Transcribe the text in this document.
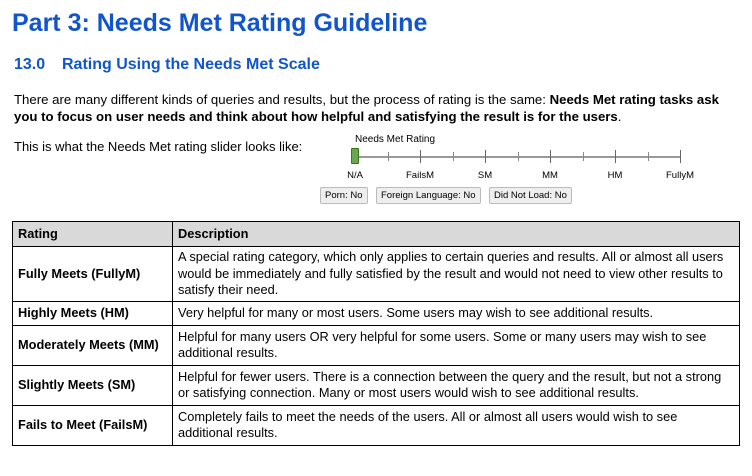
Part 3: Needs Met Rating Guideline
13.0 Rating Using the Needs Met Scale
There are many different kinds of queries and results, but the process of rating is the same: Needs Met rating tasks ask you to focus on user needs and think about how helpful and satisfying the result is for the users.
This is what the Needs Met rating slider looks like:	Needs Met Rating
N/A	FailsM	SM	MM	HM	FullyM
Porn: No	Foreign Language: No	Did Not Load: No
Rating	Description
Fully Meets (FullyM)	A special rating category, which only applies to certain queries and results. All or almost all users would be immediately and fully satisfied by the result and would not need to view other results to satisfy their need.
Highly Meets (HM)	Very helpful for many or most users. Some users may wish to see additional results.
Moderately Meets (MM)	Helpful for many users OR very helpful for some users. Some or many users may wish to see additional results.
Slightly Meets (SM)	Helpful for fewer users. There is a connection between the query and the result, but not a strong or satisfying connection. Many or most users would wish to see additional results.
Fails to Meet (FailsM)	Completely fails to meet the needs of the users. All or almost all users would wish to see additional results.
